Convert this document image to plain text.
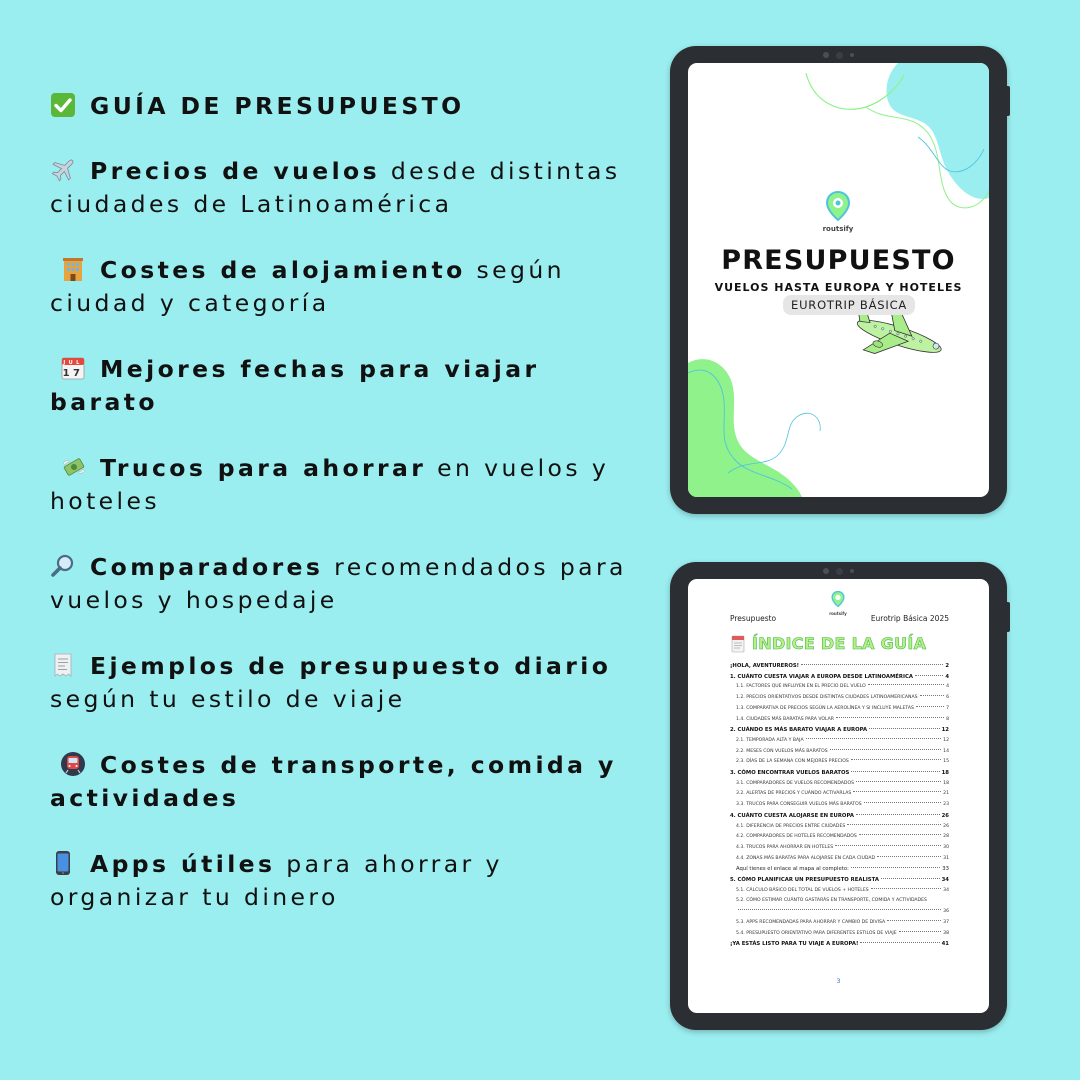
GUÍA DE PRESUPUESTO
Precios de vuelos desde distintas ciudades de Latinoamérica
Costes de alojamiento según ciudad y categoría
JUL
17 Mejores fechas para viajar barato
Trucos para ahorrar en vuelos y hoteles
Comparadores recomendados para vuelos y hospedaje
Ejemplos de presupuesto diario según tu estilo de viaje
Costes de transporte, comida y actividades
Apps útiles para ahorrar y organizar tu dinero
routsify
PRESUPUESTO
VUELOS HASTA EUROPA Y HOTELES
EUROTRIP BÁSICA
Presupuesto
routsify
Eurotrip Básica 2025
ÍNDICE DE LA GUÍA
¡HOLA, AVENTUREROS!	2
1. CUÁNTO CUESTA VIAJAR A EUROPA DESDE LATINOAMÉRICA	4
1.1. FACTORES QUE INFLUYEN EN EL PRECIO DEL VUELO	4
1.2. PRECIOS ORIENTATIVOS DESDE DISTINTAS CIUDADES LATINOAMERICANAS	6
1.3. COMPARATIVA DE PRECIOS SEGÚN LA AEROLÍNEA Y SI INCLUYE MALETAS	7
1.4. CIUDADES MÁS BARATAS PARA VOLAR	8
2. CUÁNDO ES MÁS BARATO VIAJAR A EUROPA	12
2.1. TEMPORADA ALTA Y BAJA	12
2.2. MESES CON VUELOS MÁS BARATOS	14
2.3. DÍAS DE LA SEMANA CON MEJORES PRECIOS	15
3. CÓMO ENCONTRAR VUELOS BARATOS	18
3.1. COMPARADORES DE VUELOS RECOMENDADOS	18
3.2. ALERTAS DE PRECIOS Y CUÁNDO ACTIVARLAS	21
3.3. TRUCOS PARA CONSEGUIR VUELOS MÁS BARATOS	23
4. CUÁNTO CUESTA ALOJARSE EN EUROPA	26
4.1. DIFERENCIA DE PRECIOS ENTRE CIUDADES	26
4.2. COMPARADORES DE HOTELES RECOMENDADOS	28
4.3. TRUCOS PARA AHORRAR EN HOTELES	30
4.4. ZONAS MÁS BARATAS PARA ALOJARSE EN CADA CIUDAD	31
Aquí tienes el enlace al mapa al completo:	33
5. CÓMO PLANIFICAR UN PRESUPUESTO REALISTA	34
5.1. CÁLCULO BÁSICO DEL TOTAL DE VUELOS + HOTELES	34
5.2. CÓMO ESTIMAR CUÁNTO GASTARÁS EN TRANSPORTE, COMIDA Y ACTIVIDADES
36
5.3. APPS RECOMENDADAS PARA AHORRAR Y CAMBIO DE DIVISA	37
5.4. PRESUPUESTO ORIENTATIVO PARA DIFERENTES ESTILOS DE VIAJE	38
¡YA ESTÁS LISTO PARA TU VIAJE A EUROPA!	41
3
